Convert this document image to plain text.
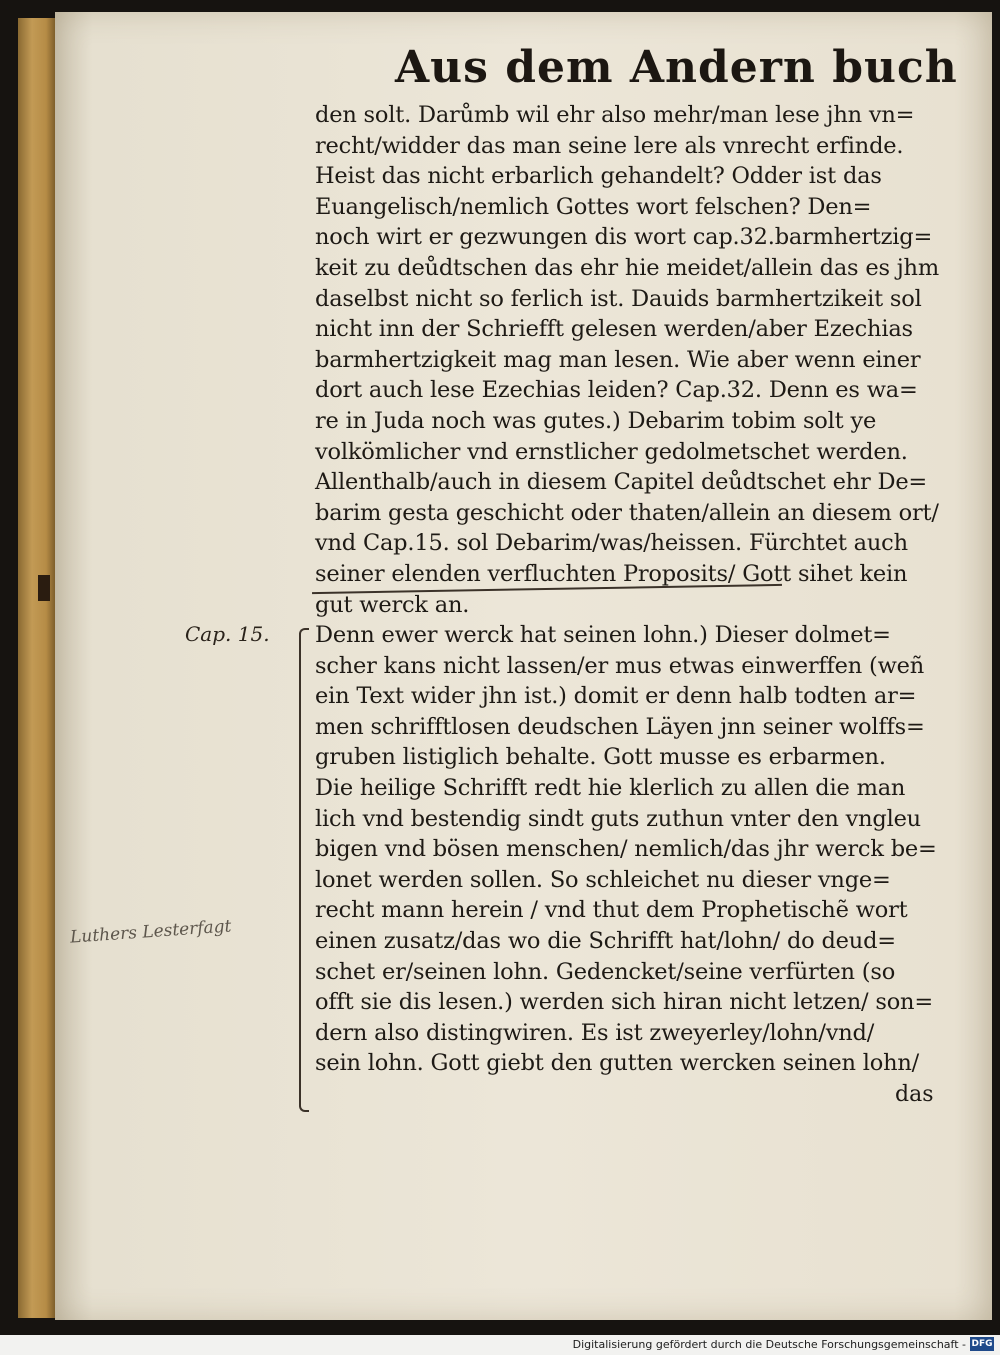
Aus dem Andern buch
Cap. 15.
Luthers Lesterfagt
den solt. Darůmb wil ehr also mehr/man lese jhn vn=
recht/widder das man seine lere als vnrecht erfinde.
Heist das nicht erbarlich gehandelt? Odder ist das
Euangelisch/nemlich Gottes wort felschen? Den=
noch wirt er gezwungen dis wort cap.32.barmhertzig=
keit zu deůdtschen das ehr hie meidet/allein das es jhm
daselbst nicht so ferlich ist. Dauids barmhertzikeit sol
nicht inn der Schriefft gelesen werden/aber Ezechias
barmhertzigkeit mag man lesen. Wie aber wenn einer
dort auch lese Ezechias leiden? Cap.32. Denn es wa=
re in Juda noch was gutes.) Debarim tobim solt ye
volkömlicher vnd ernstlicher gedolmetschet werden.
Allenthalb/auch in diesem Capitel deůdtschet ehr De=
barim gesta geschicht oder thaten/allein an diesem ort/
vnd Cap.15. sol Debarim/was/heissen. Fürchtet auch
seiner elenden verfluchten Proposits/ Gott sihet kein
gut werck an.
Denn ewer werck hat seinen lohn.) Dieser dolmet=
scher kans nicht lassen/er mus etwas einwerffen (weñ
ein Text wider jhn ist.) domit er denn halb todten ar=
men schrifftlosen deudschen Läyen jnn seiner wolffs=
gruben listiglich behalte. Gott musse es erbarmen.
Die heilige Schrifft redt hie klerlich zu allen die man
lich vnd bestendig sindt guts zuthun vnter den vngleu
bigen vnd bösen menschen/ nemlich/das jhr werck be=
lonet werden sollen. So schleichet nu dieser vnge=
recht mann herein / vnd thut dem Prophetischẽ wort
einen zusatz/das wo die Schrifft hat/lohn/ do deud=
schet er/seinen lohn. Gedencket/seine verfürten (so
offt sie dis lesen.) werden sich hiran nicht letzen/ son=
dern also distingwiren. Es ist zweyerley/lohn/vnd/
sein lohn. Gott giebt den gutten wercken seinen lohn/
das
Digitalisierung gefördert durch die Deutsche Forschungsgemeinschaft - DFG
